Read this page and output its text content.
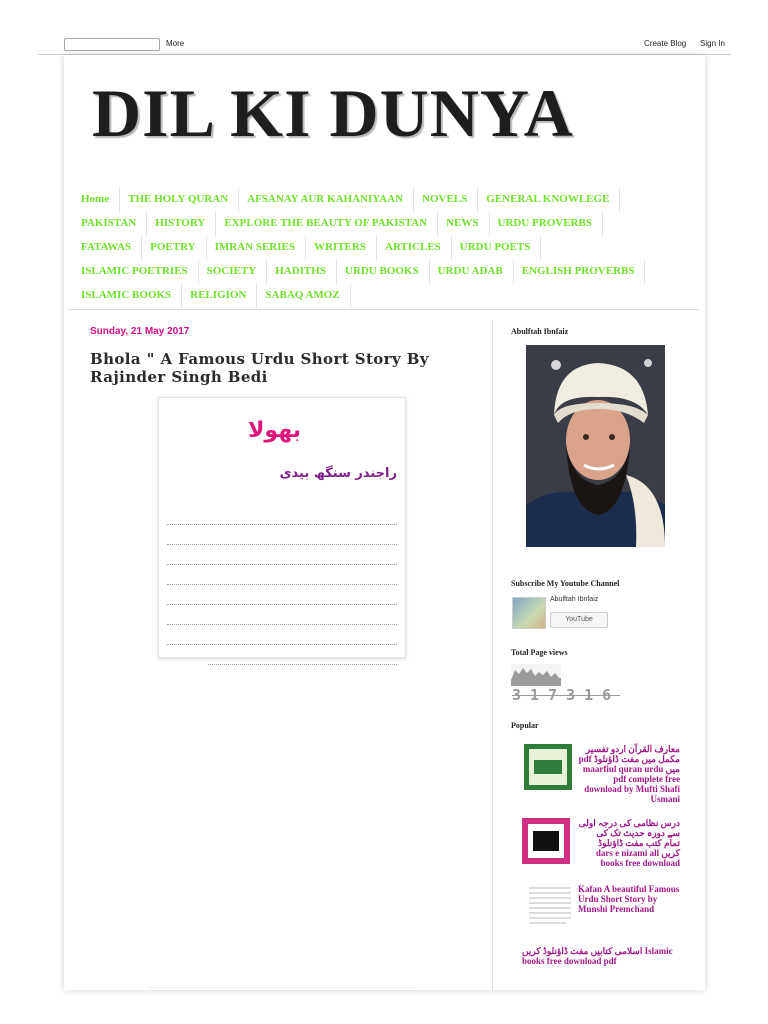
More	Create Blog Sign In
DIL KI DUNYA
Home	THE HOLY QURAN	AFSANAY AUR KAHANIYAAN	NOVELS	GENERAL KNOWLEGE
PAKISTAN	HISTORY	EXPLORE THE BEAUTY OF PAKISTAN	NEWS	URDU PROVERBS
FATAWAS	POETRY	IMRAN SERIES	WRITERS	ARTICLES	URDU POETS
ISLAMIC POETRIES	SOCIETY	HADITHS	URDU BOOKS	URDU ADAB	ENGLISH PROVERBS
ISLAMIC BOOKS	RELIGION	SABAQ AMOZ
Sunday, 21 May 2017
Bhola " A Famous Urdu Short Story By Rajinder Singh Bedi
بھولا
راجندر سنگھ بیدی
Abulftah Ibnfaiz
Subscribe My Youtube Channel
Abulftah Ibnfaiz
YouTube
Total Page views
317316
Popular
معارف القرآن اردو تفسیر مکمل میں مفت ڈاؤنلوڈ pdf میں maarfiul quran urdu pdf complete free download by Mufti Shafi Usmani
درس نظامی کی درجہ اولی سے دورہ حدیث تک کی تمام کتب مفت ڈاؤنلوڈ کریں dars e nizami all books free download
Kafan A beautiful Famous Urdu Short Story by Munshi Premchand
اسلامی کتابیں مفت ڈاؤنلوڈ کریں Islamic books free download pdf
